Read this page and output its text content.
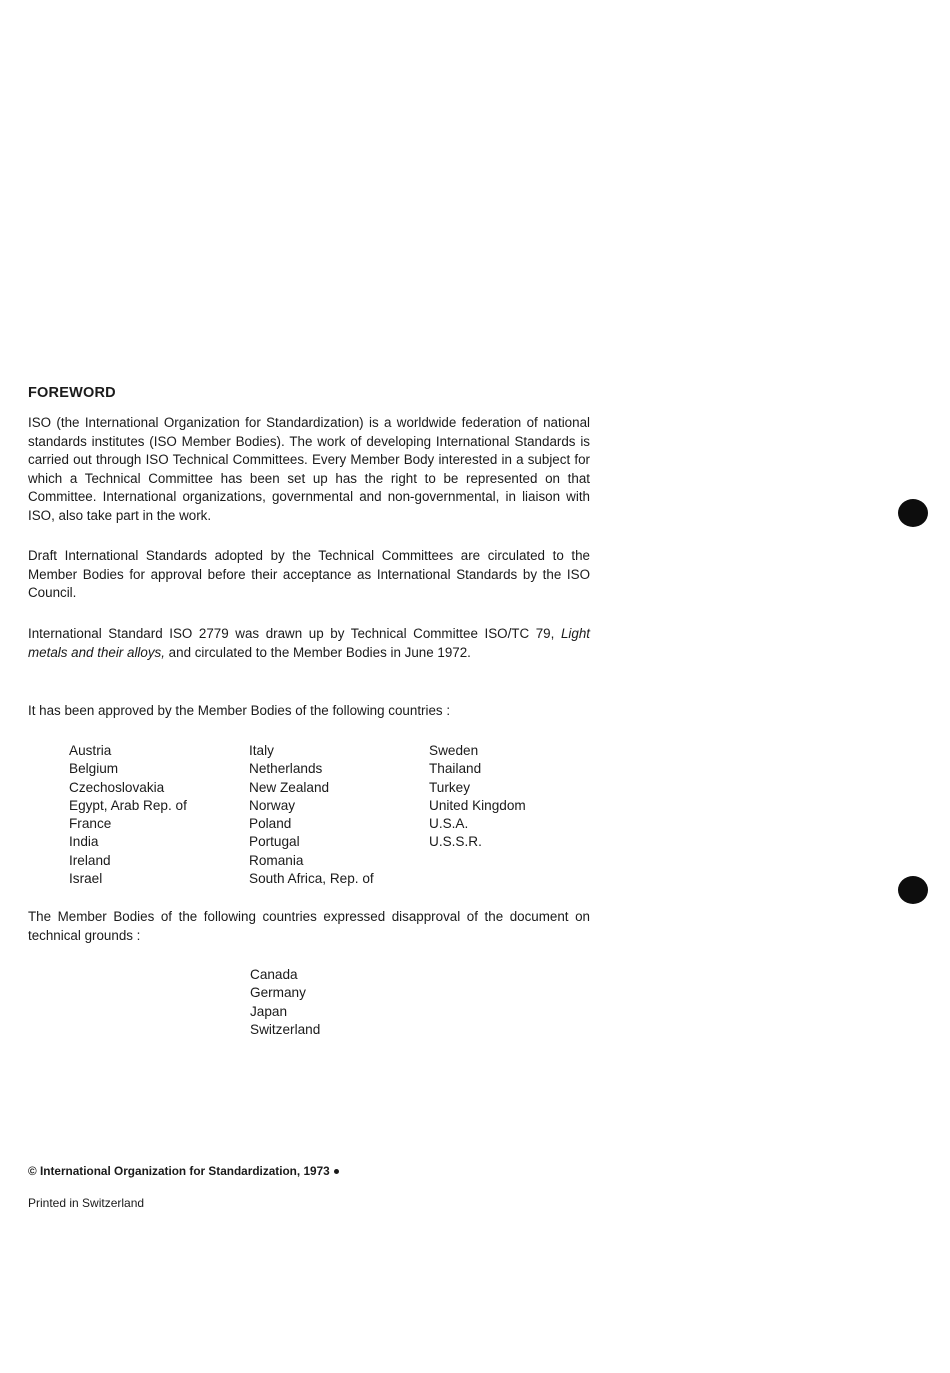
FOREWORD

ISO (the International Organization for Standardization) is a worldwide federation of national standards institutes (ISO Member Bodies). The work of developing International Standards is carried out through ISO Technical Committees. Every Member Body interested in a subject for which a Technical Committee has been set up has the right to be represented on that Committee. International organizations, governmental and non-governmental, in liaison with ISO, also take part in the work.

Draft International Standards adopted by the Technical Committees are circulated to the Member Bodies for approval before their acceptance as International Standards by the ISO Council.

International Standard ISO 2779 was drawn up by Technical Committee ISO/TC 79, Light metals and their alloys, and circulated to the Member Bodies in June 1972.

It has been approved by the Member Bodies of the following countries :

Austria
Belgium
Czechoslovakia
Egypt, Arab Rep. of
France
India
Ireland
Israel
Italy
Netherlands
New Zealand
Norway
Poland
Portugal
Romania
South Africa, Rep. of
Sweden
Thailand
Turkey
United Kingdom
U.S.A.
U.S.S.R.

The Member Bodies of the following countries expressed disapproval of the document on technical grounds :

Canada
Germany
Japan
Switzerland
© International Organization for Standardization, 1973
Printed in Switzerland
